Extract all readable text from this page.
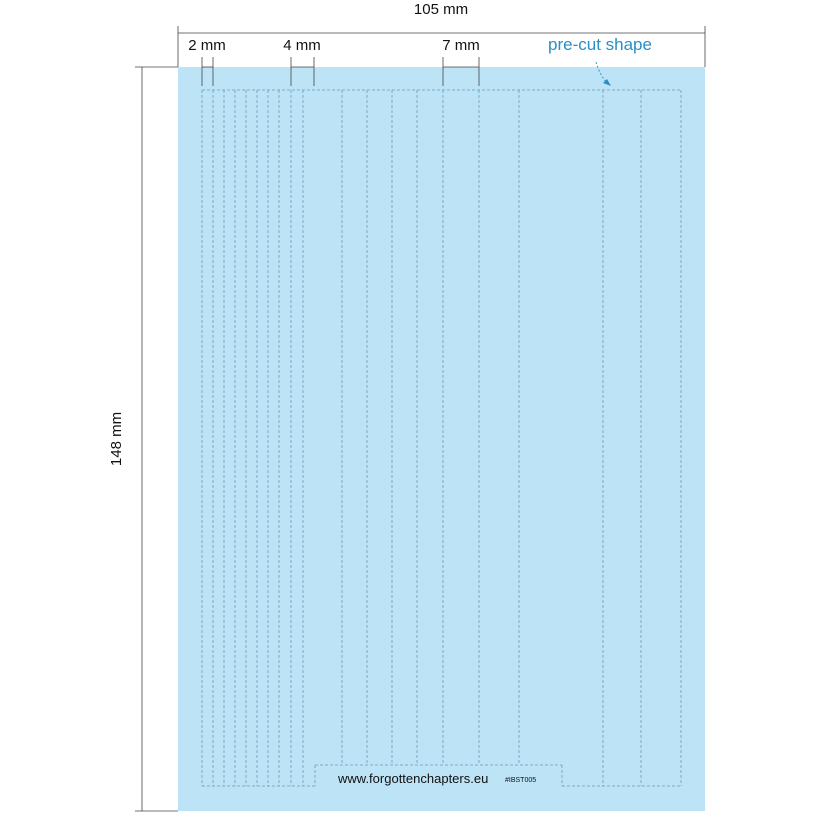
105 mm
148 mm
2 mm	4 mm	7 mm	pre-cut shape
www.forgottenchapters.eu #IBST005
